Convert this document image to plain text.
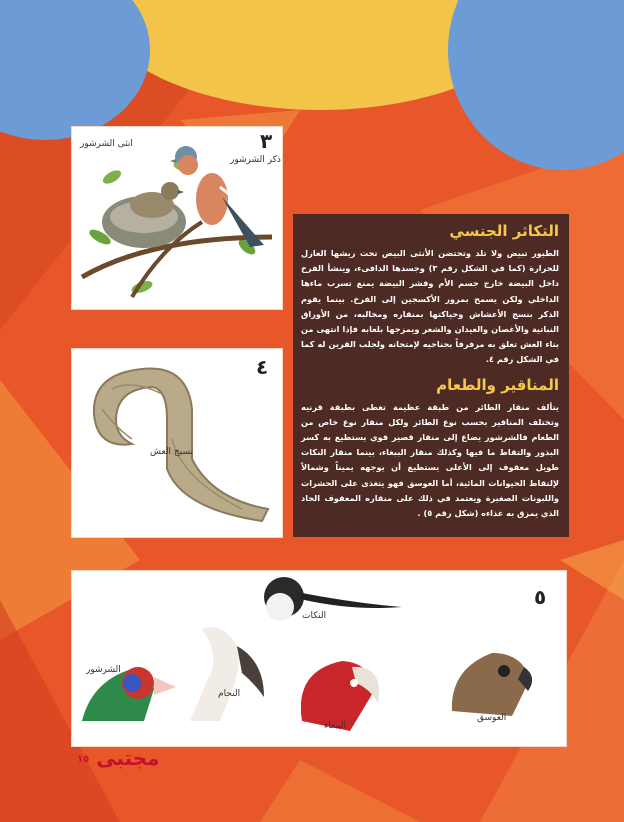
٣
انثى الشرشور
ذكر الشرشور
٤
نسيج العش
التكاثر الجنسي

الطيور تبيض ولا تلد وتحتضن الأنثى البيض تحت ريشها العازل للحرارة (كما في الشكل رقم ٣) وجسدها الدافىء، وينشأ الفرخ داخل البيضة خارج جسم الأم وقشر البيضة يمنع تسرب ماءها الداخلي ولكن يسمح بمرور الأكسجين إلى الفرخ. بينما يقوم الذكر بنسج الأعشاش وحياكتها بمنقاره ومخالبه، من الأوراق النباتية والأغصان والعيدان والشعر ويمزجها بلعابه فإذا انتهى من بناء العش تعلق به مرفرفاً بجناحيه لإمتحانه ولجلب القرين له كما في الشكل رقم ٤.

المناقير والطعام

يتألف منقار الطائر من طبقة عظيمة تغطى بطبقة قرنيه وتختلف المناقير بحسب نوع الطائر ولكل منقار نوع خاص من الطعام فالشرشور يضاع إلى منقار قصير قوي يستطيع به كسر البذور والتقاط ما فيها وكذلك منقار الببغاء، بينما منقار النكات طويل معقوف إلى الأعلى يستطيع أن يوجهه يميناً وشمالاً لإلتقاط الحيوانات المائية، أما العوسق فهو يتغذى على الحشرات واللبونات الصغيرة ويعتمد في ذلك على منقاره المعقوف الحاد الذي يمزق به غذاءه (شكل رقم ٥) .

٥
النكات
النحام
الشرشور
الببغاء
العوسق
مجتبى ١٥
